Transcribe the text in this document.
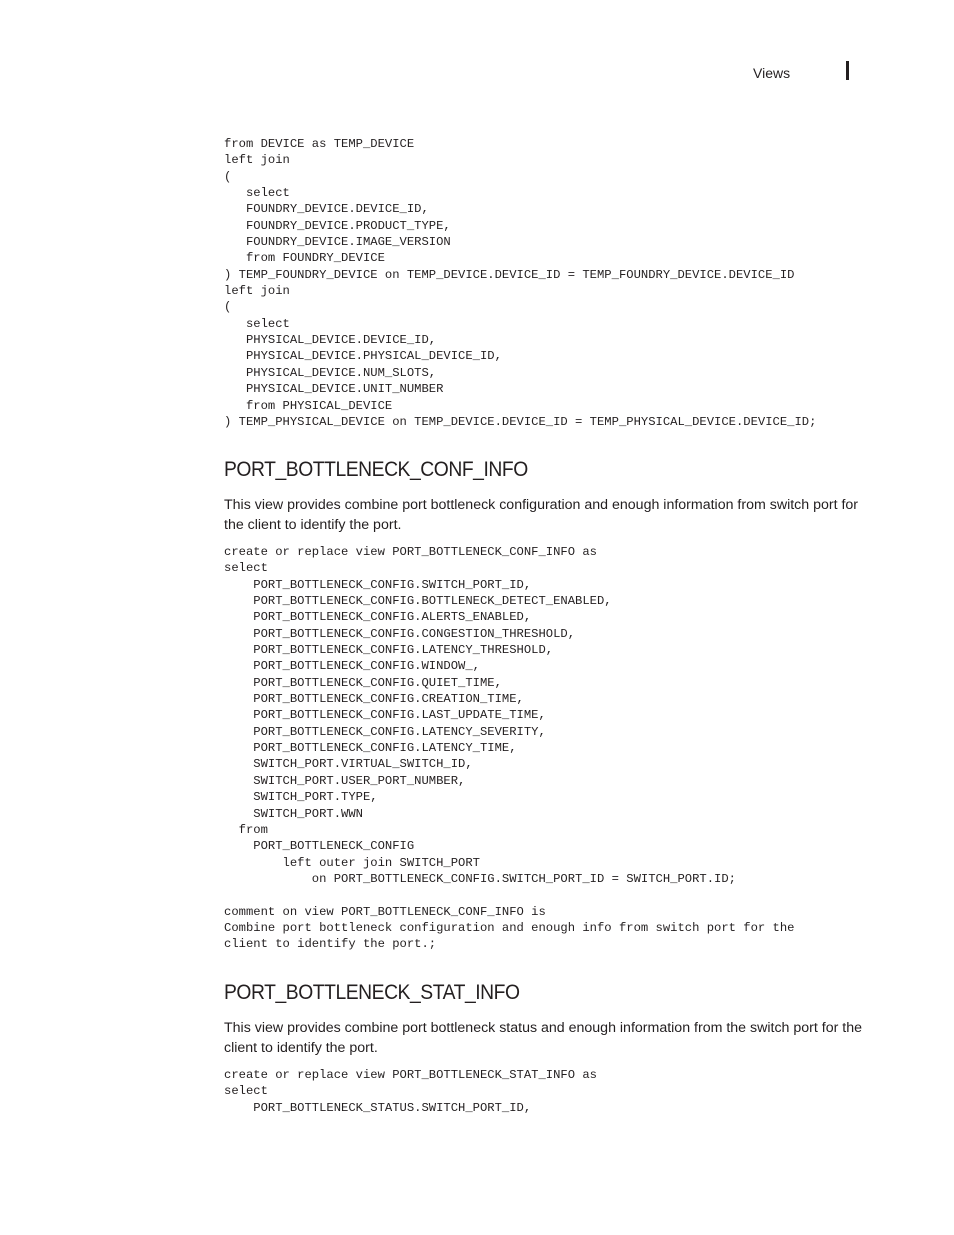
Views
from DEVICE as TEMP_DEVICE
left join
(
select
FOUNDRY_DEVICE.DEVICE_ID,
FOUNDRY_DEVICE.PRODUCT_TYPE,
FOUNDRY_DEVICE.IMAGE_VERSION
from FOUNDRY_DEVICE
) TEMP_FOUNDRY_DEVICE on TEMP_DEVICE.DEVICE_ID = TEMP_FOUNDRY_DEVICE.DEVICE_ID
left join
(
select
PHYSICAL_DEVICE.DEVICE_ID,
PHYSICAL_DEVICE.PHYSICAL_DEVICE_ID,
PHYSICAL_DEVICE.NUM_SLOTS,
PHYSICAL_DEVICE.UNIT_NUMBER
from PHYSICAL_DEVICE
) TEMP_PHYSICAL_DEVICE on TEMP_DEVICE.DEVICE_ID = TEMP_PHYSICAL_DEVICE.DEVICE_ID;
PORT_BOTTLENECK_CONF_INFO

This view provides combine port bottleneck configuration and enough information from switch port for the client to identify the port.

create or replace view PORT_BOTTLENECK_CONF_INFO as
select
PORT_BOTTLENECK_CONFIG.SWITCH_PORT_ID,
PORT_BOTTLENECK_CONFIG.BOTTLENECK_DETECT_ENABLED,
PORT_BOTTLENECK_CONFIG.ALERTS_ENABLED,
PORT_BOTTLENECK_CONFIG.CONGESTION_THRESHOLD,
PORT_BOTTLENECK_CONFIG.LATENCY_THRESHOLD,
PORT_BOTTLENECK_CONFIG.WINDOW_,
PORT_BOTTLENECK_CONFIG.QUIET_TIME,
PORT_BOTTLENECK_CONFIG.CREATION_TIME,
PORT_BOTTLENECK_CONFIG.LAST_UPDATE_TIME,
PORT_BOTTLENECK_CONFIG.LATENCY_SEVERITY,
PORT_BOTTLENECK_CONFIG.LATENCY_TIME,
SWITCH_PORT.VIRTUAL_SWITCH_ID,
SWITCH_PORT.USER_PORT_NUMBER,
SWITCH_PORT.TYPE,
SWITCH_PORT.WWN
from
PORT_BOTTLENECK_CONFIG
left outer join SWITCH_PORT
on PORT_BOTTLENECK_CONFIG.SWITCH_PORT_ID = SWITCH_PORT.ID;

comment on view PORT_BOTTLENECK_CONF_INFO is
Combine port bottleneck configuration and enough info from switch port for the
client to identify the port.;
PORT_BOTTLENECK_STAT_INFO

This view provides combine port bottleneck status and enough information from the switch port for the client to identify the port.

create or replace view PORT_BOTTLENECK_STAT_INFO as
select
PORT_BOTTLENECK_STATUS.SWITCH_PORT_ID,
